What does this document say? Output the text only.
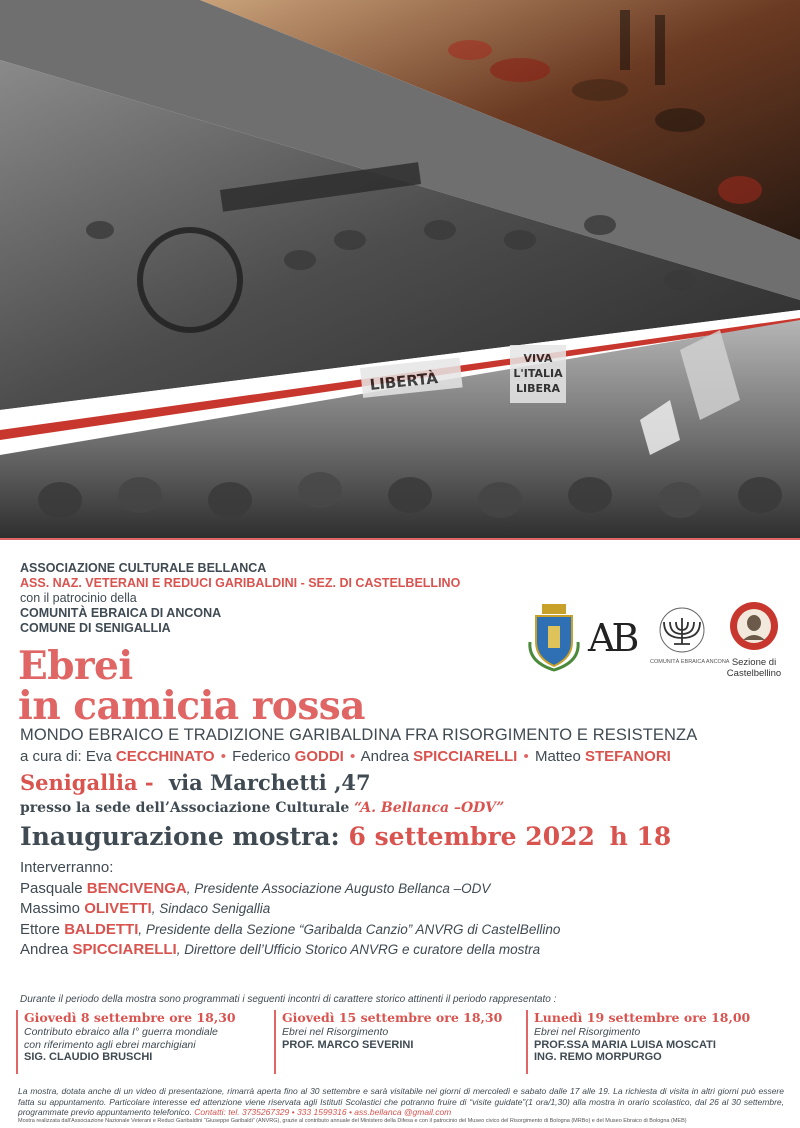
LIBERTÀ
VIVA
L'ITALIA
LIBERA
ASSOCIAZIONE CULTURALE BELLANCA
ASS. NAZ. VETERANI E REDUCI GARIBALDINI - SEZ. DI CASTELBELLINO
con il patrocinio della
COMUNITÀ EBRAICA DI ANCONA
COMUNE DI SENIGALLIA	AB
COMUNITÀ EBRAICA ANCONA Sezione di
Castelbellino
Ebrei
in camicia rossa
MONDO EBRAICO E TRADIZIONE GARIBALDINA FRA RISORGIMENTO E RESISTENZA
a cura di: Eva CECCHINATO • Federico GODDI • Andrea SPICCIARELLI • Matteo STEFANORI
Senigallia - via Marchetti ,47
presso la sede dell’Associazione Culturale “A. Bellanca –ODV”
Inaugurazione mostra: 6 settembre 2022 h 18
Interverranno:
Pasquale BENCIVENGA, Presidente Associazione Augusto Bellanca –ODV
Massimo OLIVETTI, Sindaco Senigallia
Ettore BALDETTI, Presidente della Sezione “Garibalda Canzio” ANVRG di CastelBellino
Andrea SPICCIARELLI, Direttore dell’Ufficio Storico ANVRG e curatore della mostra
Durante il periodo della mostra sono programmati i seguenti incontri di carattere storico attinenti il periodo rappresentato :
Giovedì 8 settembre ore 18,30
Contributo ebraico alla I° guerra mondiale
con riferimento agli ebrei marchigiani
SIG. CLAUDIO BRUSCHI
Giovedì 15 settembre ore 18,30
Ebrei nel Risorgimento
PROF. MARCO SEVERINI
Lunedì 19 settembre ore 18,00
Ebrei nel Risorgimento
PROF.SSA MARIA LUISA MOSCATI
ING. REMO MORPURGO
La mostra, dotata anche di un video di presentazione, rimarrà aperta fino al 30 settembre e sarà visitabile nei giorni di mercoledì e sabato dalle 17 alle 19. La richiesta di visita in altri giorni può essere fatta su appuntamento. Particolare interesse ed attenzione viene riservata agli Istituti Scolastici che potranno fruire di “visite guidate”(1 ora/1,30) alla mostra in orario scolastico, dal 26 al 30 settembre, programmate previo appuntamento telefonico. Contatti: tel. 3735267329 • 333 1599316 • ass.bellanca @gmail.com
Mostra realizzata dall’Associazione Nazionale Veterani e Reduci Garibaldini “Giuseppe Garibaldi” (ANVRG), grazie al contributo annuale del Ministero della Difesa e con il patrocinio del Museo civico del Risorgimento di Bologna (MRBo) e del Museo Ebraico di Bologna (MEB)
